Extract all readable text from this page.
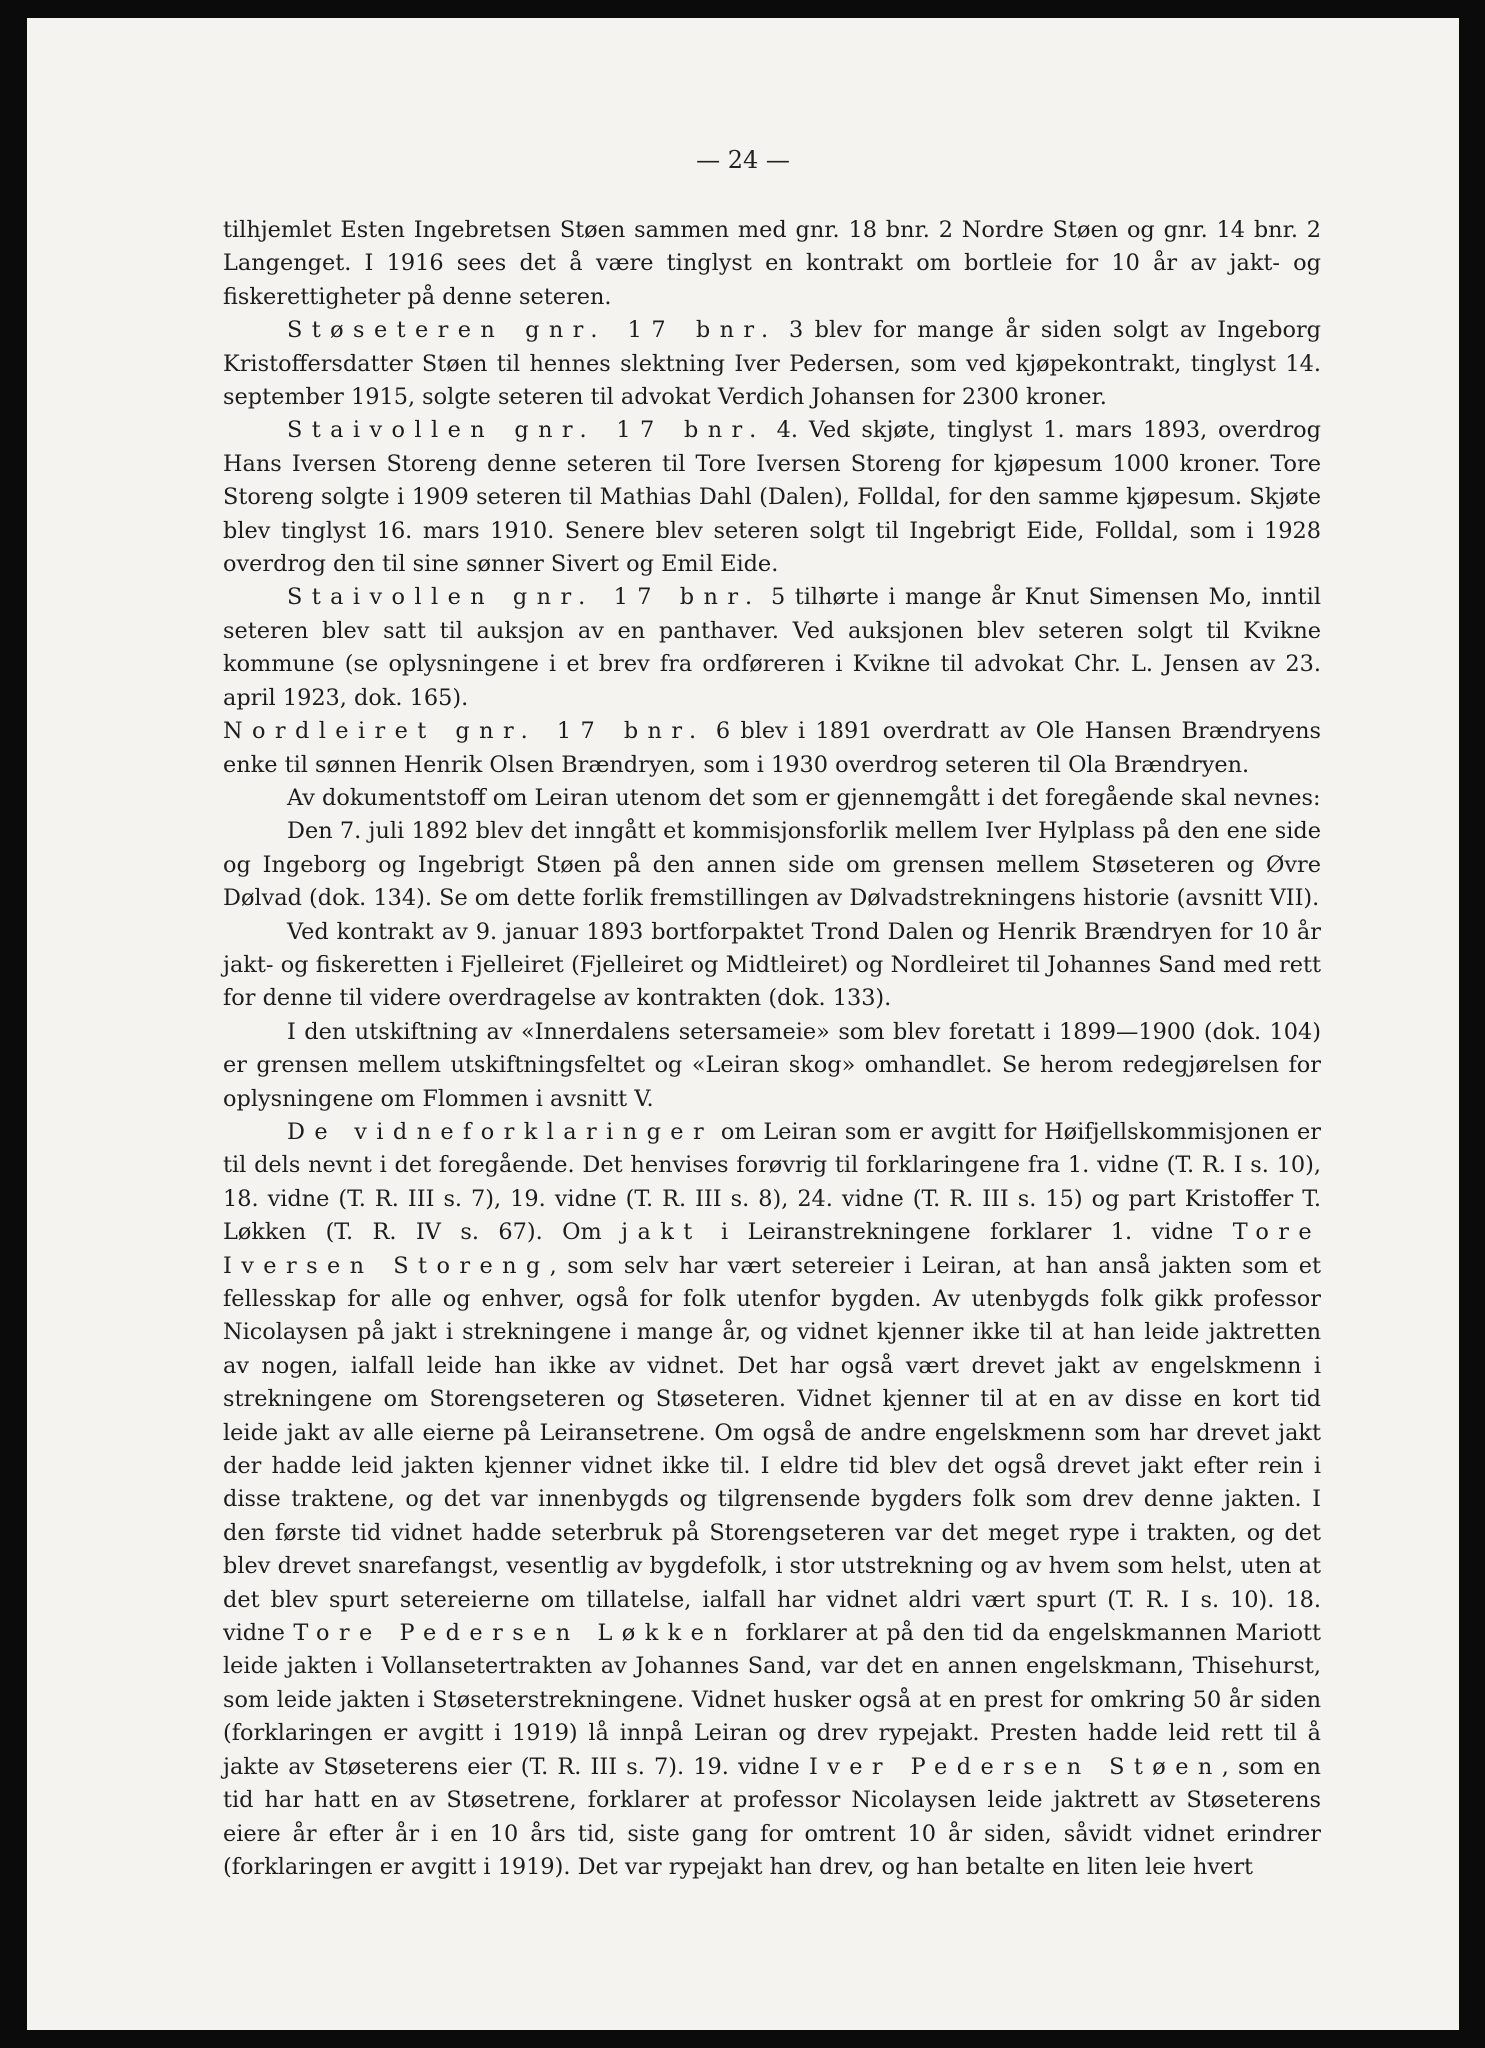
— 24 —

tilhjemlet Esten Ingebretsen Støen sammen med gnr. 18 bnr. 2 Nordre Støen og gnr. 14 bnr. 2 Langenget. I 1916 sees det å være tinglyst en kontrakt om bortleie for 10 år av jakt- og fiskerettigheter på denne seteren.

Støseteren gnr. 17 bnr. 3 blev for mange år siden solgt av Ingeborg Kristoffersdatter Støen til hennes slektning Iver Pedersen, som ved kjøpekontrakt, tinglyst 14. september 1915, solgte seteren til advokat Verdich Johansen for 2300 kroner.

Staivollen gnr. 17 bnr. 4. Ved skjøte, tinglyst 1. mars 1893, overdrog Hans Iversen Storeng denne seteren til Tore Iversen Storeng for kjøpesum 1000 kroner. Tore Storeng solgte i 1909 seteren til Mathias Dahl (Dalen), Folldal, for den samme kjøpesum. Skjøte blev tinglyst 16. mars 1910. Senere blev seteren solgt til Ingebrigt Eide, Folldal, som i 1928 overdrog den til sine sønner Sivert og Emil Eide.

Staivollen gnr. 17 bnr. 5 tilhørte i mange år Knut Simensen Mo, inntil seteren blev satt til auksjon av en panthaver. Ved auksjonen blev seteren solgt til Kvikne kommune (se oplysningene i et brev fra ordføreren i Kvikne til advokat Chr. L. Jensen av 23. april 1923, dok. 165).

Nordleiret gnr. 17 bnr. 6 blev i 1891 overdratt av Ole Hansen Brændryens enke til sønnen Henrik Olsen Brændryen, som i 1930 overdrog seteren til Ola Brændryen.

Av dokumentstoff om Leiran utenom det som er gjennemgått i det foregående skal nevnes:

Den 7. juli 1892 blev det inngått et kommisjonsforlik mellem Iver Hylplass på den ene side og Ingeborg og Ingebrigt Støen på den annen side om grensen mellem Støseteren og Øvre Dølvad (dok. 134). Se om dette forlik fremstillingen av Dølvadstrekningens historie (avsnitt VII).

Ved kontrakt av 9. januar 1893 bortforpaktet Trond Dalen og Henrik Brændryen for 10 år jakt- og fiskeretten i Fjelleiret (Fjelleiret og Midtleiret) og Nordleiret til Johannes Sand med rett for denne til videre overdragelse av kontrakten (dok. 133).

I den utskiftning av «Innerdalens setersameie» som blev foretatt i 1899—1900 (dok. 104) er grensen mellem utskiftningsfeltet og «Leiran skog» omhandlet. Se herom redegjørelsen for oplysningene om Flommen i avsnitt V.

De vidneforklaringer om Leiran som er avgitt for Høifjellskommisjonen er til dels nevnt i det foregående. Det henvises forøvrig til forklaringene fra 1. vidne (T. R. I s. 10), 18. vidne (T. R. III s. 7), 19. vidne (T. R. III s. 8), 24. vidne (T. R. III s. 15) og part Kristoffer T. Løkken (T. R. IV s. 67). Om jakt i Leiranstrekningene forklarer 1. vidne Tore Iversen Storeng, som selv har vært setereier i Leiran, at han anså jakten som et fellesskap for alle og enhver, også for folk utenfor bygden. Av utenbygds folk gikk professor Nicolaysen på jakt i strekningene i mange år, og vidnet kjenner ikke til at han leide jaktretten av nogen, ialfall leide han ikke av vidnet. Det har også vært drevet jakt av engelskmenn i strekningene om Storengseteren og Støseteren. Vidnet kjenner til at en av disse en kort tid leide jakt av alle eierne på Leiransetrene. Om også de andre engelskmenn som har drevet jakt der hadde leid jakten kjenner vidnet ikke til. I eldre tid blev det også drevet jakt efter rein i disse traktene, og det var innenbygds og tilgrensende bygders folk som drev denne jakten. I den første tid vidnet hadde seterbruk på Storengseteren var det meget rype i trakten, og det blev drevet snarefangst, vesentlig av bygdefolk, i stor utstrekning og av hvem som helst, uten at det blev spurt setereierne om tillatelse, ialfall har vidnet aldri vært spurt (T. R. I s. 10). 18. vidne Tore Pedersen Løkken forklarer at på den tid da engelskmannen Mariott leide jakten i Vollansetertrakten av Johannes Sand, var det en annen engelskmann, Thisehurst, som leide jakten i Støseterstrekningene. Vidnet husker også at en prest for omkring 50 år siden (forklaringen er avgitt i 1919) lå innpå Leiran og drev rypejakt. Presten hadde leid rett til å jakte av Støseterens eier (T. R. III s. 7). 19. vidne Iver Pedersen Støen, som en tid har hatt en av Støsetrene, forklarer at professor Nicolaysen leide jaktrett av Støseterens eiere år efter år i en 10 års tid, siste gang for omtrent 10 år siden, såvidt vidnet erindrer (forklaringen er avgitt i 1919). Det var rypejakt han drev, og han betalte en liten leie hvert
